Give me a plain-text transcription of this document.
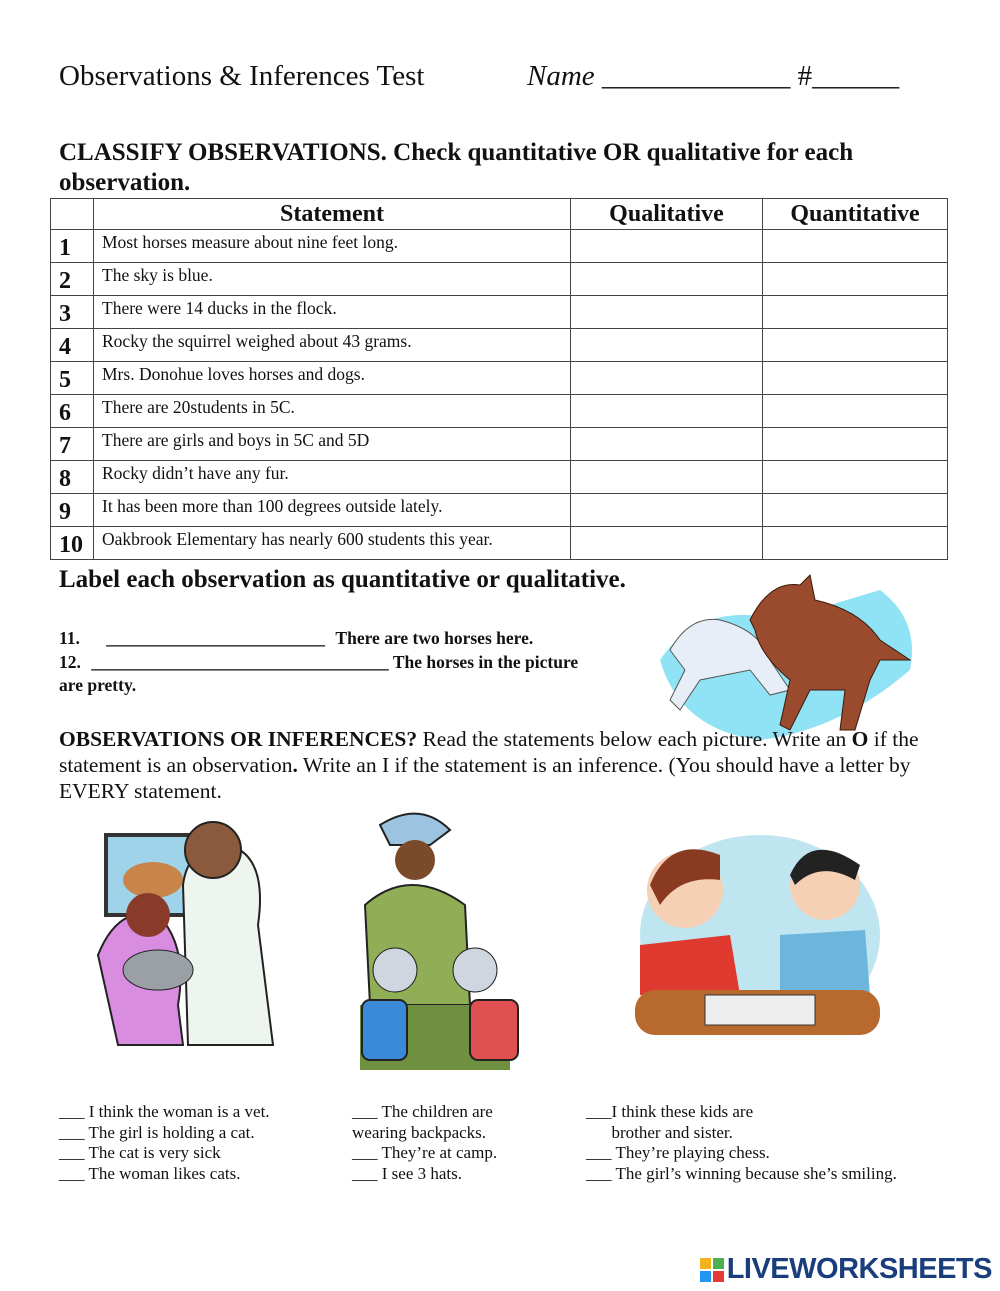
Observations & Inferences Test	Name _____________ #______
CLASSIFY OBSERVATIONS. Check quantitative OR qualitative for each observation.
	Statement	Qualitative	Quantitative
1	Most horses measure about nine feet long.		
2	The sky is blue.		
3	There were 14 ducks in the flock.		
4	Rocky the squirrel weighed about 43 grams.		
5	Mrs. Donohue loves horses and dogs.		
6	There are 20students in 5C.		
7	There are girls and boys in 5C and 5D		
8	Rocky didn’t have any fur.		
9	It has been more than 100 degrees outside lately.		
10	Oakbrook Elementary has nearly 600 students this year.		
Label each observation as quantitative or qualitative.
11. _________________________ There are two horses here.
12. __________________________________ The horses in the picture are pretty.
OBSERVATIONS OR INFERENCES? Read the statements below each picture. Write an O if the statement is an observation. Write an I if the statement is an inference. (You should have a letter by EVERY statement.
___ I think the woman is a vet.
___ The girl is holding a cat.
___ The cat is very sick
___ The woman likes cats.
___ The children are
wearing backpacks.
___ They’re at camp.
___ I see 3 hats.
___I think these kids are
brother and sister.
___ They’re playing chess.
___ The girl’s winning because she’s smiling.
LIVEWORKSHEETS
